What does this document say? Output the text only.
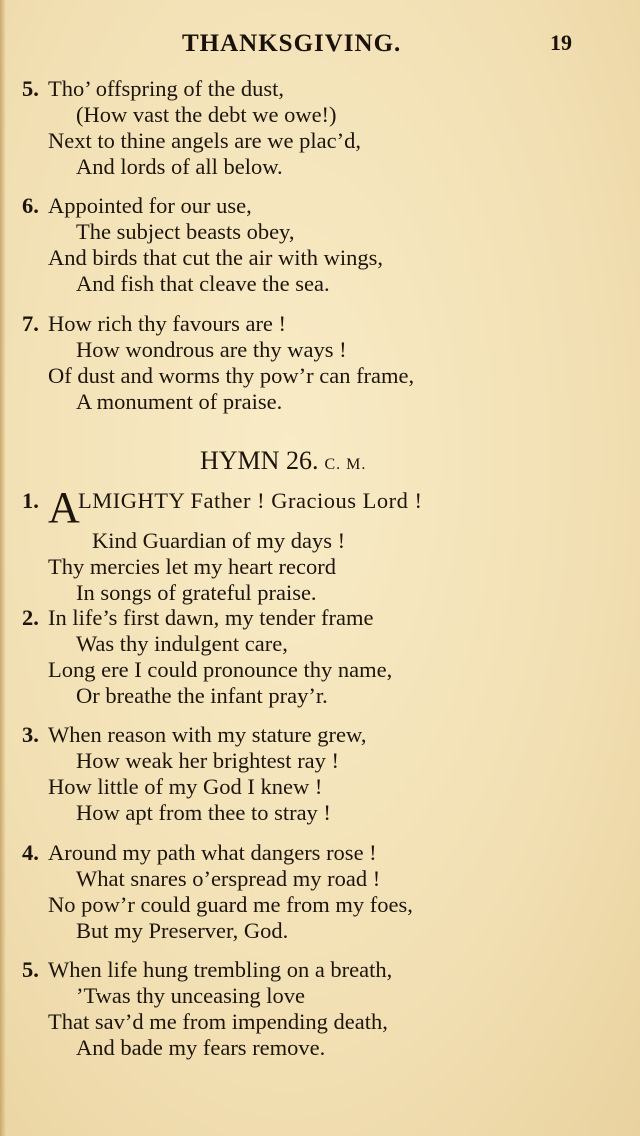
THANKSGIVING.	19
5. Tho’ offspring of the dust,
(How vast the debt we owe!)
Next to thine angels are we plac’d,
And lords of all below.
6. Appointed for our use,
The subject beasts obey,
And birds that cut the air with wings,
And fish that cleave the sea.
7. How rich thy favours are !
How wondrous are thy ways !
Of dust and worms thy pow’r can frame,
A monument of praise.
HYMN 26. C. M.
1. ALMIGHTY Father ! Gracious Lord !
Kind Guardian of my days !
Thy mercies let my heart record
In songs of grateful praise.
2. In life’s first dawn, my tender frame
Was thy indulgent care,
Long ere I could pronounce thy name,
Or breathe the infant pray’r.
3. When reason with my stature grew,
How weak her brightest ray !
How little of my God I knew !
How apt from thee to stray !
4. Around my path what dangers rose !
What snares o’erspread my road !
No pow’r could guard me from my foes,
But my Preserver, God.
5. When life hung trembling on a breath,
’Twas thy unceasing love
That sav’d me from impending death,
And bade my fears remove.
